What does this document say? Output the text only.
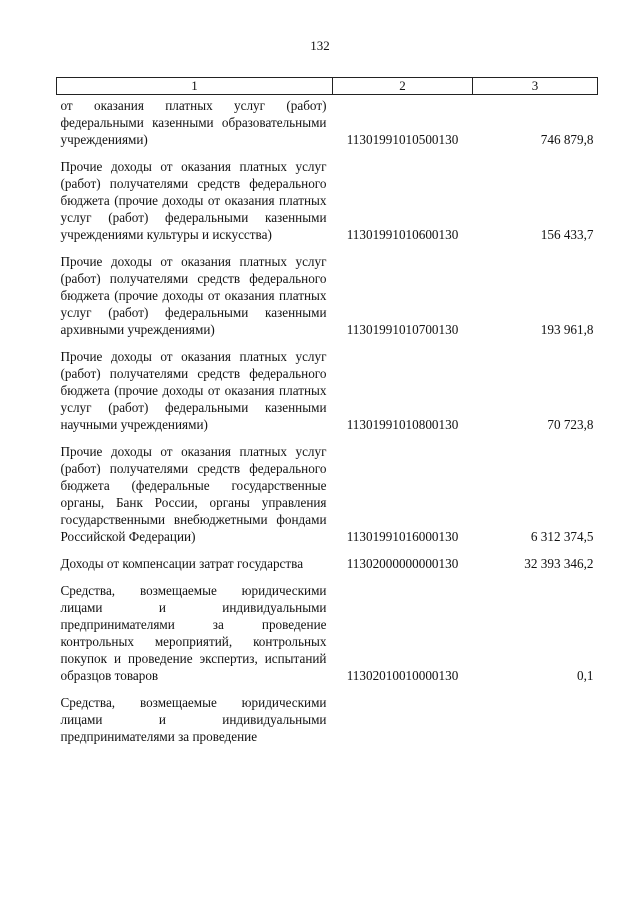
132
1	2	3
от оказания платных услуг (работ) федеральными казенными образовательными учреждениями)	11301991010500130	746 879,8
Прочие доходы от оказания платных услуг (работ) получателями средств федерального бюджета (прочие доходы от оказания платных услуг (работ) федеральными казенными учреждениями культуры и искусства)	11301991010600130	156 433,7
Прочие доходы от оказания платных услуг (работ) получателями средств федерального бюджета (прочие доходы от оказания платных услуг (работ) федеральными казенными архивными учреждениями)	11301991010700130	193 961,8
Прочие доходы от оказания платных услуг (работ) получателями средств федерального бюджета (прочие доходы от оказания платных услуг (работ) федеральными казенными научными учреждениями)	11301991010800130	70 723,8
Прочие доходы от оказания платных услуг (работ) получателями средств федерального бюджета (федеральные государственные органы, Банк России, органы управления государственными внебюджетными фондами Российской Федерации)	11301991016000130	6 312 374,5
Доходы от компенсации затрат государства	11302000000000130	32 393 346,2
Средства, возмещаемые юридическими лицами и индивидуальными предпринимателями за проведение контрольных мероприятий, контрольных покупок и проведение экспертиз, испытаний образцов товаров	11302010010000130	0,1
Средства, возмещаемые юридическими лицами и индивидуальными предпринимателями за проведение		
